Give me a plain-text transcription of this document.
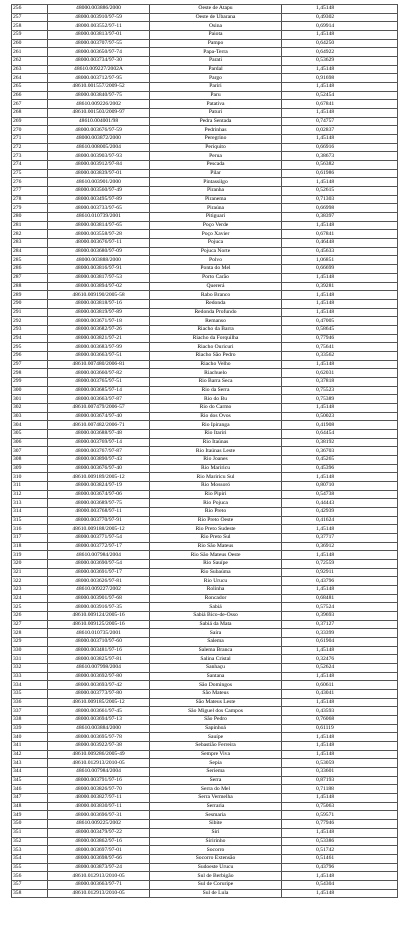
256	48000.003886/2000	Oeste de Atapu	1,45148
257	48000.003910/97-59	Oeste de Ubarana	0,49302
258	48000.003552/97-11	Osina	0,69914
259	48000.003813/97-01	Paiota	1,45148
260	48000.003707/97-55	Pampo	0,64250
261	48000.003650/97-74	Papa-Terra	0,64922
262	48000.003734/97-30	Parati	0,53629
263	48610.009227/2002A	Pardal	1,45148
264	48000.003712/97-95	Pargo	0,91698
265	48610.001557/2009-52	Pariri	1,45148
266	48000.003840/97-75	Paru	0,52454
267	48610.009226/2002	Patativa	0,67841
268	48610.001503/2009-97	Paturi	1,45148
269	48610.004001/98	Pedra Sentada	0,74757
270	48000.003676/97-59	Pedrinhas	0,02837
271	48000.003872/2000	Peregrino	1,45148
272	48610.008005/2004	Periquito	0,66916
273	48000.003903/97-93	Perua	0,38673
274	48000.003912/97-84	Pescada	0,56382
275	48000.003839/97-01	Pilar	0,61986
276	48610.003901/2000	Pintassilgo	1,45148
277	48000.003560/97-49	Piranha	0,52615
278	48000.003495/97-89	Piranema	0,71303
279	48000.003733/97-65	Piraúna	0,66998
280	48610.010739/2001	Pitiguari	0,38397
281	48000.003814/97-65	Poço Verde	1,45148
282	48000.003558/97-28	Poço Xavier	0,67841
283	48000.003676/97-11	Pojuca	0,46448
284	48000.003680/97-09	Pojuca Norte	0,45633
285	48000.003888/2000	Polvo	1,06851
286	48000.003816/97-91	Ponta do Mel	0,66699
287	48000.003817/97-53	Porto Carão	1,45148
288	48000.003894/97-02	Quererá	0,39281
289	48610.009190/2005-58	Rabo Branco	1,45148
290	48000.003818/97-16	Redonda	1,45148
291	48000.003819/97-89	Redonda Profundo	1,45148
292	48000.003671/97-18	Remanso	0,47005
293	48000.003682/97-26	Riacho da Barra	0,58645
294	48000.003821/97-21	Riacho da Forquilha	0,77946
295	48000.003683/97-99	Riacho Ouricuri	0,75641
296	48000.003663/97-51	Riacho São Pedro	0,33562
297	48610.007480/2006-81	Riacho Velho	1,45148
298	48000.003660/97-82	Riachuelo	0,62031
299	48000.003765/97-51	Rio Barra Seca	0,37818
300	48000.003685/97-14	Rio da Serra	0,75523
301	48000.003663/97-87	Rio do Bu	0,75389
302	48610.007479/2006-57	Rio do Carmo	1,45148
303	48000.003674/97-40	Rio dos Ovos	0,50023
304	48610.007482/2006-71	Rio Ipiranga	0,41908
305	48000.003688/97-48	Rio Itariri	0,64454
306	48000.003769/97-14	Rio Itaúnas	0,38192
307	48000.003767/97-87	Rio Itaúnas Leste	0,36703
308	48000.003890/97-43	Rio Joanes	0,45265
309	48000.003676/97-40	Rio Mariricu	0,45396
310	48610.009189/2005-12	Rio Mariricu Sul	1,45148
311	48000.003824/97-19	Rio Mossoró	0,80710
312	48000.003674/97-06	Rio Pipiri	0,54738
313	48000.003689/97-75	Rio Pojuca	0,44443
314	48000.003768/97-11	Rio Preto	0,42939
315	48000.003770/97-91	Rio Preto Oeste	0,41624
316	48610.009188/2005-12	Rio Preto Sudeste	1,45148
317	48000.003771/97-54	Rio Preto Sul	0,37717
318	48000.003772/97-17	Rio São Mateus	0,36912
319	48610.007984/2004	Rio São Mateus Oeste	1,45148
320	48000.003690/97-54	Rio Sauípe	0,72559
321	48000.003691/97-17	Rio Subaúma	0,92911
322	48000.003626/97-81	Rio Urucu	0,43796
323	48610.009227/2002	Rolinha	1,45148
324	48000.003901/97-68	Roncador	0,68481
325	48000.003916/97-35	Sabiá	0,57524
326	48610.009124/2005-16	Sabiá Bico-de-Osso	0,39693
327	48610.009125/2005-16	Sabiá da Mata	0,37127
328	48610.010735/2001	Saíra	0,33399
329	48000.003710/97-60	Salema	0,61904
330	48000.003481/97-16	Salema Branca	1,45148
331	48000.003825/97-81	Salina Cristal	0,32476
332	48610.007998/2004	Sanhaçu	0,52624
333	48000.003692/97-80	Santana	1,45148
334	48000.003693/97-42	São Domingos	0,60611
335	48000.003773/97-80	São Mateus	0,43041
336	48610.009185/2005-12	São Mateus Leste	1,45148
337	48000.003661/97-45	São Miguel dos Campos	0,43593
338	48000.003694/97-13	São Pedro	0,76068
339	48610.003884/2000	Sapinhoá	0,61119
340	48000.003695/97-78	Sauípe	1,45148
341	48000.003922/97-38	Sebastião Ferreira	1,45148
342	48610.009286/2005-49	Sempre Viva	1,45148
343	48610.012913/2010-05	Sepia	0,53059
344	48610.007984/2004	Seriema	0,33601
345	48000.003791/97-16	Serra	0,87193
346	48000.003826/97-70	Serra do Mel	0,71188
347	48000.003827/97-11	Serra Vermelha	1,45148
348	48000.003830/97-11	Serraria	0,75063
349	48000.003696/97-31	Sesmaria	0,59571
350	48610.009225/2002	Sibite	0,77946
351	48000.003479/97-22	Siri	1,45148
352	48000.003862/97-16	Siririnho	0,53386
353	48000.003697/97-01	Socorro	0,51742
354	48000.003698/97-66	Socorro Extensão	0,51461
355	48000.003873/97-24	Sudoeste Urucu	0,43796
356	48610.012913/2010-05	Sul de Berbigão	1,45148
357	48000.003663/97-71	Sul de Coruripe	0,54304
358	48610.012913/2010-05	Sul de Lula	1,45148
